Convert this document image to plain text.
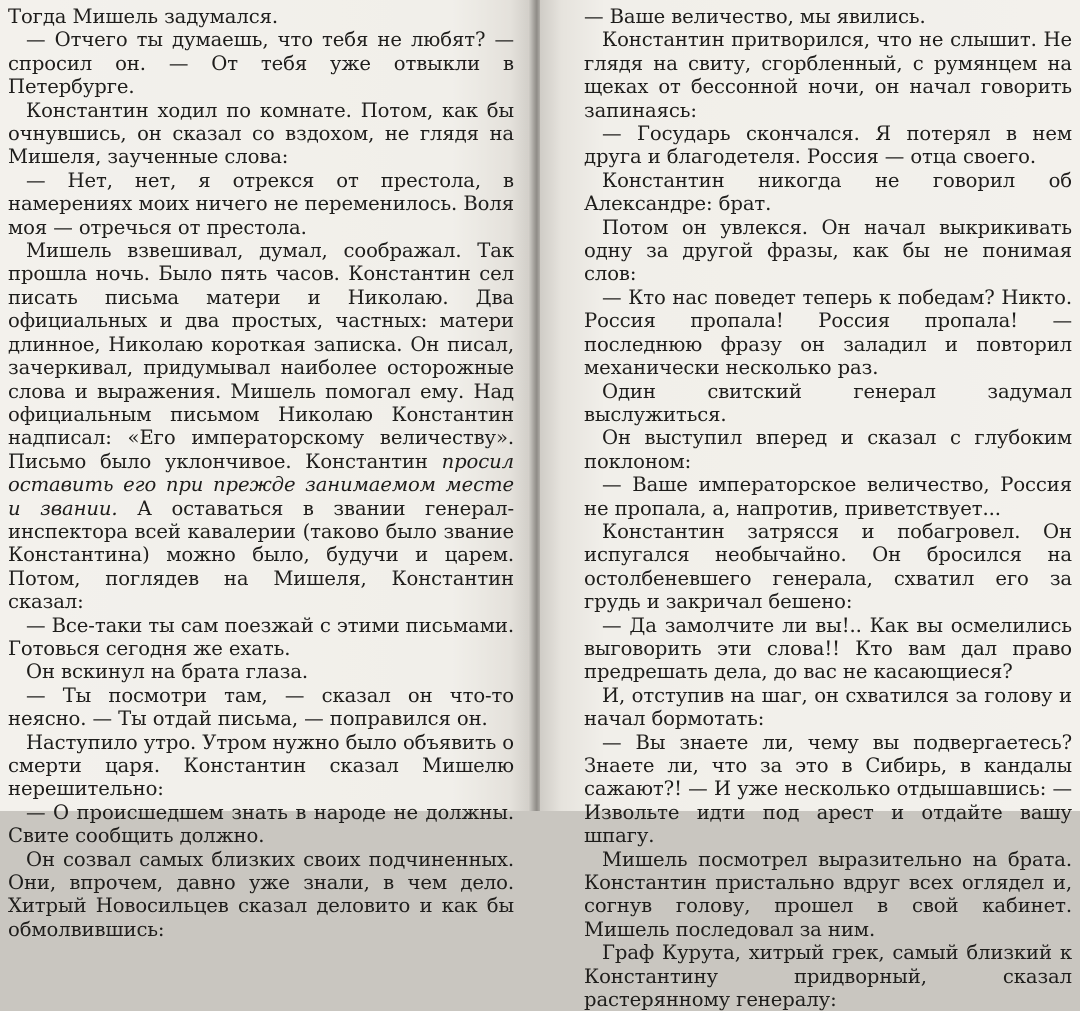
Тогда Мишель задумался.

— Отчего ты думаешь, что тебя не любят? — спросил он. — От тебя уже отвыкли в Петербурге.

Константин ходил по комнате. Потом, как бы очнувшись, он сказал со вздохом, не глядя на Мишеля, заученные слова:

— Нет, нет, я отрекся от престола, в намерениях моих ничего не переменилось. Воля моя — отречься от престола.

Мишель взвешивал, думал, соображал. Так прошла ночь. Было пять часов. Константин сел писать письма матери и Николаю. Два официальных и два простых, частных: матери длинное, Николаю короткая записка. Он писал, зачеркивал, придумывал наиболее осторожные слова и выражения. Мишель помогал ему. Над официальным письмом Николаю Константин надписал: «Его императорскому величеству». Письмо было уклончивое. Константин просил оставить его при прежде занимаемом месте и звании. А оставаться в звании генерал-инспектора всей кавалерии (таково было звание Константина) можно было, будучи и царем. Потом, поглядев на Мишеля, Константин сказал:

— Все-таки ты сам поезжай с этими письмами. Готовься сегодня же ехать.

Он вскинул на брата глаза.

— Ты посмотри там, — сказал он что-то неясно. — Ты отдай письма, — поправился он.

Наступило утро. Утром нужно было объявить о смерти царя. Константин сказал Мишелю нерешительно:

— О происшедшем знать в народе не должны. Свите сообщить должно.

Он созвал самых близких своих подчиненных. Они, впрочем, давно уже знали, в чем дело. Хитрый Новосильцев сказал деловито и как бы обмолвившись:

— Ваше величество, мы явились.

Константин притворился, что не слышит. Не глядя на свиту, сгорбленный, с румянцем на щеках от бессонной ночи, он начал говорить запинаясь:

— Государь скончался. Я потерял в нем друга и благодетеля. Россия — отца своего.

Константин никогда не говорил об Александре: брат.

Потом он увлекся. Он начал выкрикивать одну за другой фразы, как бы не понимая слов:

— Кто нас поведет теперь к победам? Никто. Россия пропала! Россия пропала! — последнюю фразу он заладил и повторил механически несколько раз.

Один свитский генерал задумал выслужиться.

Он выступил вперед и сказал с глубоким поклоном:

— Ваше императорское величество, Россия не пропала, а, напротив, приветствует...

Константин затрясся и побагровел. Он испугался необычайно. Он бросился на остолбеневшего генерала, схватил его за грудь и закричал бешено:

— Да замолчите ли вы!.. Как вы осмелились выговорить эти слова!! Кто вам дал право предрешать дела, до вас не касающиеся?

И, отступив на шаг, он схватился за голову и начал бормотать:

— Вы знаете ли, чему вы подвергаетесь? Знаете ли, что за это в Сибирь, в кандалы сажают?! — И уже несколько отдышавшись: — Извольте идти под арест и отдайте вашу шпагу.

Мишель посмотрел выразительно на брата. Константин пристально вдруг всех оглядел и, согнув голову, прошел в свой кабинет. Мишель последовал за ним.

Граф Курута, хитрый грек, самый близкий к Константину придворный, сказал растерянному генералу:
